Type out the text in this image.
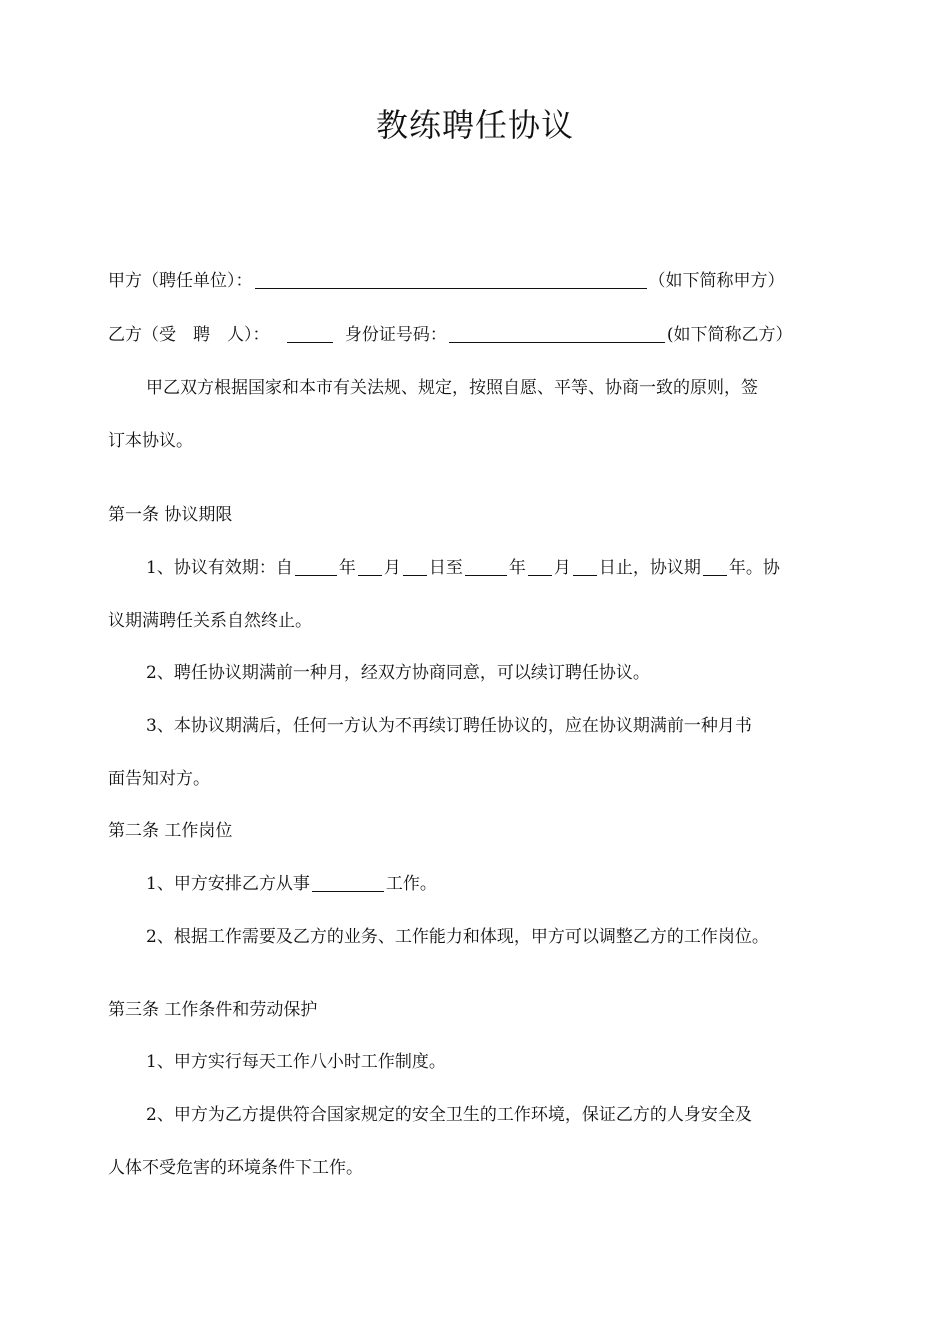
教练聘任协议
甲方（聘任单位）：	（如下简称甲方）
乙方（受　聘　人）：	身份证号码：	(如下简称乙方）
甲乙双方根据国家和本市有关法规、规定，按照自愿、平等、协商一致的原则，签
订本协议。
第一条 协议期限
1、协议有效期：自	年 月 日至	年 月 日止，协议期 年。协
议期满聘任关系自然终止。
2、聘任协议期满前一种月，经双方协商同意，可以续订聘任协议。
3、本协议期满后，任何一方认为不再续订聘任协议的，应在协议期满前一种月书
面告知对方。
第二条 工作岗位
1、甲方安排乙方从事	工作。
2、根据工作需要及乙方的业务、工作能力和体现，甲方可以调整乙方的工作岗位。
第三条 工作条件和劳动保护
1、甲方实行每天工作八小时工作制度。
2、甲方为乙方提供符合国家规定的安全卫生的工作环境，保证乙方的人身安全及
人体不受危害的环境条件下工作。
